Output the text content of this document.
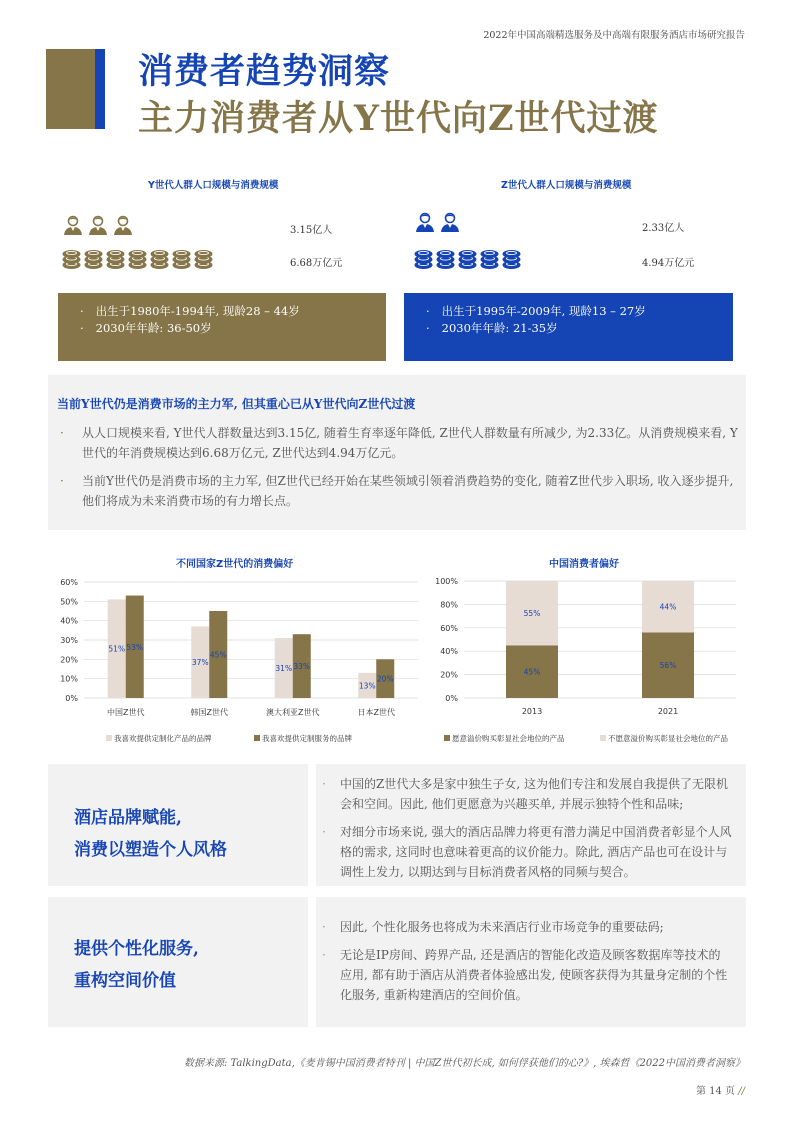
2022年中国高端精选服务及中高端有限服务酒店市场研究报告
消费者趋势洞察
主力消费者从Y世代向Z世代过渡
Y世代人群人口规模与消费规模
3.15亿人
6.68万亿元
Z世代人群人口规模与消费规模
2.33亿人
4.94万亿元
· 出生于1980年-1994年, 现龄28 – 44岁
· 2030年年龄: 36-50岁
· 出生于1995年-2009年, 现龄13 – 27岁
· 2030年年龄: 21-35岁
当前Y世代仍是消费市场的主力军, 但其重心已从Y世代向Z世代过渡
·	从人口规模来看, Y世代人群数量达到3.15亿, 随着生育率逐年降低, Z世代人群数量有所减少, 为2.33亿。从消费规模来看, Y世代的年消费规模达到6.68万亿元, Z世代达到4.94万亿元。
·	当前Y世代仍是消费市场的主力军, 但Z世代已经开始在某些领域引领着消费趋势的变化, 随着Z世代步入职场, 收入逐步提升, 他们将成为未来消费市场的有力增长点。
不同国家Z世代的消费偏好
0%
10%
20%
30%
40%
50%
60%
51% 53%
中国Z世代
37%
45%
韩国Z世代
31% 33%
澳大利亚Z世代
13%
20%
日本Z世代
我喜欢提供定制化产品的品牌	我喜欢提供定制服务的品牌
中国消费者偏好
0%
20%
40%
60%
80%
100%
45%
55%
2013
56%
44%
2021
愿意溢价购买彰显社会地位的产品	不愿意溢价购买彰显社会地位的产品
酒店品牌赋能,
消费以塑造个人风格
·	中国的Z世代大多是家中独生子女, 这为他们专注和发展自我提供了无限机会和空间。因此, 他们更愿意为兴趣买单, 并展示独特个性和品味;
·	对细分市场来说, 强大的酒店品牌力将更有潜力满足中国消费者彰显个人风格的需求, 这同时也意味着更高的议价能力。除此, 酒店产品也可在设计与调性上发力, 以期达到与目标消费者风格的同频与契合。
提供个性化服务,
重构空间价值
·	因此, 个性化服务也将成为未来酒店行业市场竞争的重要砝码;
·	无论是IP房间、跨界产品, 还是酒店的智能化改造及顾客数据库等技术的应用, 都有助于酒店从消费者体验感出发, 使顾客获得为其量身定制的个性化服务, 重新构建酒店的空间价值。
数据来源: TalkingData,《麦肯锡中国消费者特刊 | 中国Z世代初长成, 如何俘获他们的心?》, 埃森哲《2022中国消费者洞察》
第 14 页 //
